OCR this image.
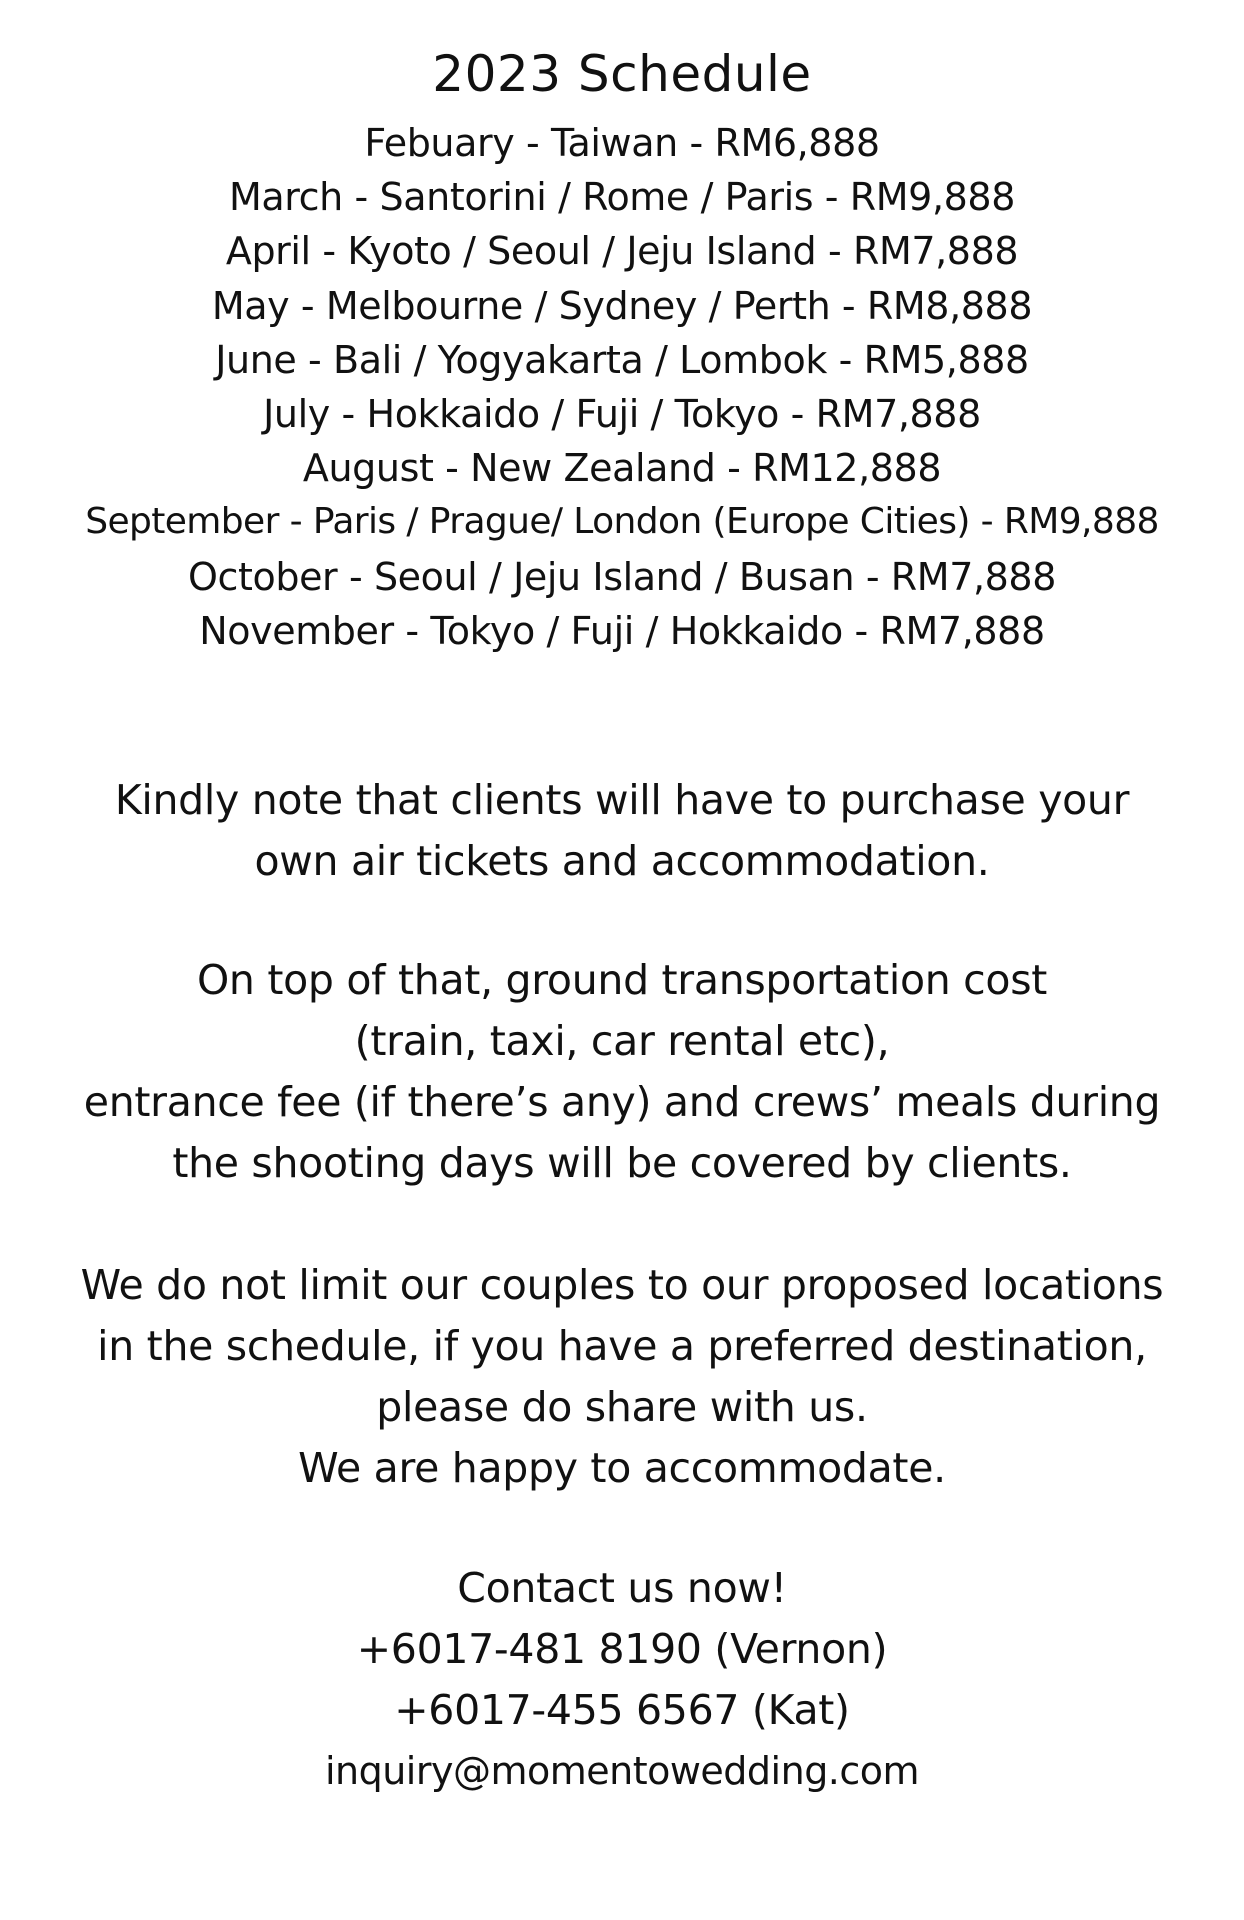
2023 Schedule
Febuary - Taiwan - RM6,888
March - Santorini / Rome / Paris - RM9,888
April - Kyoto / Seoul / Jeju Island - RM7,888
May - Melbourne / Sydney / Perth - RM8,888
June - Bali / Yogyakarta / Lombok - RM5,888
July - Hokkaido / Fuji / Tokyo - RM7,888
August - New Zealand - RM12,888
September - Paris / Prague/ London (Europe Cities) - RM9,888
October - Seoul / Jeju Island / Busan - RM7,888
November - Tokyo / Fuji / Hokkaido - RM7,888

Kindly note that clients will have to purchase your

own air tickets and accommodation.

On top of that, ground transportation cost

(train, taxi, car rental etc),

entrance fee (if there’s any) and crews’ meals during

the shooting days will be covered by clients.

We do not limit our couples to our proposed locations

in the schedule, if you have a preferred destination,

please do share with us.

We are happy to accommodate.

Contact us now!

+6017-481 8190 (Vernon)

+6017-455 6567 (Kat)

inquiry@momentowedding.com
